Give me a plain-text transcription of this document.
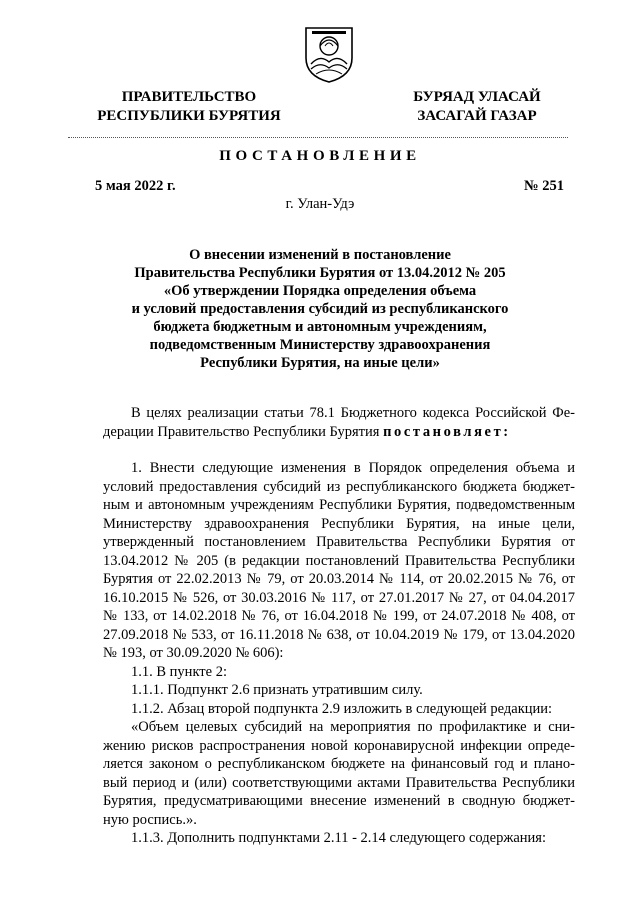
ПРАВИТЕЛЬСТВО
РЕСПУБЛИКИ БУРЯТИЯ
БУРЯАД УЛАСАЙ
ЗАСАГАЙ ГАЗАР
ПОСТАНОВЛЕНИЕ
5 мая 2022 г.	№ 251
г. Улан-Удэ
О внесении изменений в постановление
Правительства Республики Бурятия от 13.04.2012 № 205
«Об утверждении Порядка определения объема
и условий предоставления субсидий из республиканского
бюджета бюджетным и автономным учреждениям,
подведомственным Министерству здравоохранения
Республики Бурятия, на иные цели»
В целях реализации статьи 78.1 Бюджетного кодекса Российской Фе-
дерации Правительство Республики Бурятия постановляет:
1. Внести следующие изменения в Порядок определения объема и
условий предоставления субсидий из республиканского бюджета бюджет-
ным и автономным учреждениям Республики Бурятия, подведомственным
Министерству здравоохранения Республики Бурятия, на иные цели,
утвержденный постановлением Правительства Республики Бурятия от
13.04.2012 № 205 (в редакции постановлений Правительства Республики
Бурятия от 22.02.2013 № 79, от 20.03.2014 № 114, от 20.02.2015 № 76, от
16.10.2015 № 526, от 30.03.2016 № 117, от 27.01.2017 № 27, от 04.04.2017
№ 133, от 14.02.2018 № 76, от 16.04.2018 № 199, от 24.07.2018 № 408, от
27.09.2018 № 533, от 16.11.2018 № 638, от 10.04.2019 № 179, от 13.04.2020
№ 193, от 30.09.2020 № 606):
1.1. В пункте 2:
1.1.1. Подпункт 2.6 признать утратившим силу.
1.1.2. Абзац второй подпункта 2.9 изложить в следующей редакции:
«Объем целевых субсидий на мероприятия по профилактике и сни-
жению рисков распространения новой коронавирусной инфекции опреде-
ляется законом о республиканском бюджете на финансовый год и плано-
вый период и (или) соответствующими актами Правительства Республики
Бурятия, предусматривающими внесение изменений в сводную бюджет-
ную роспись.».
1.1.3. Дополнить подпунктами 2.11 - 2.14 следующего содержания:
